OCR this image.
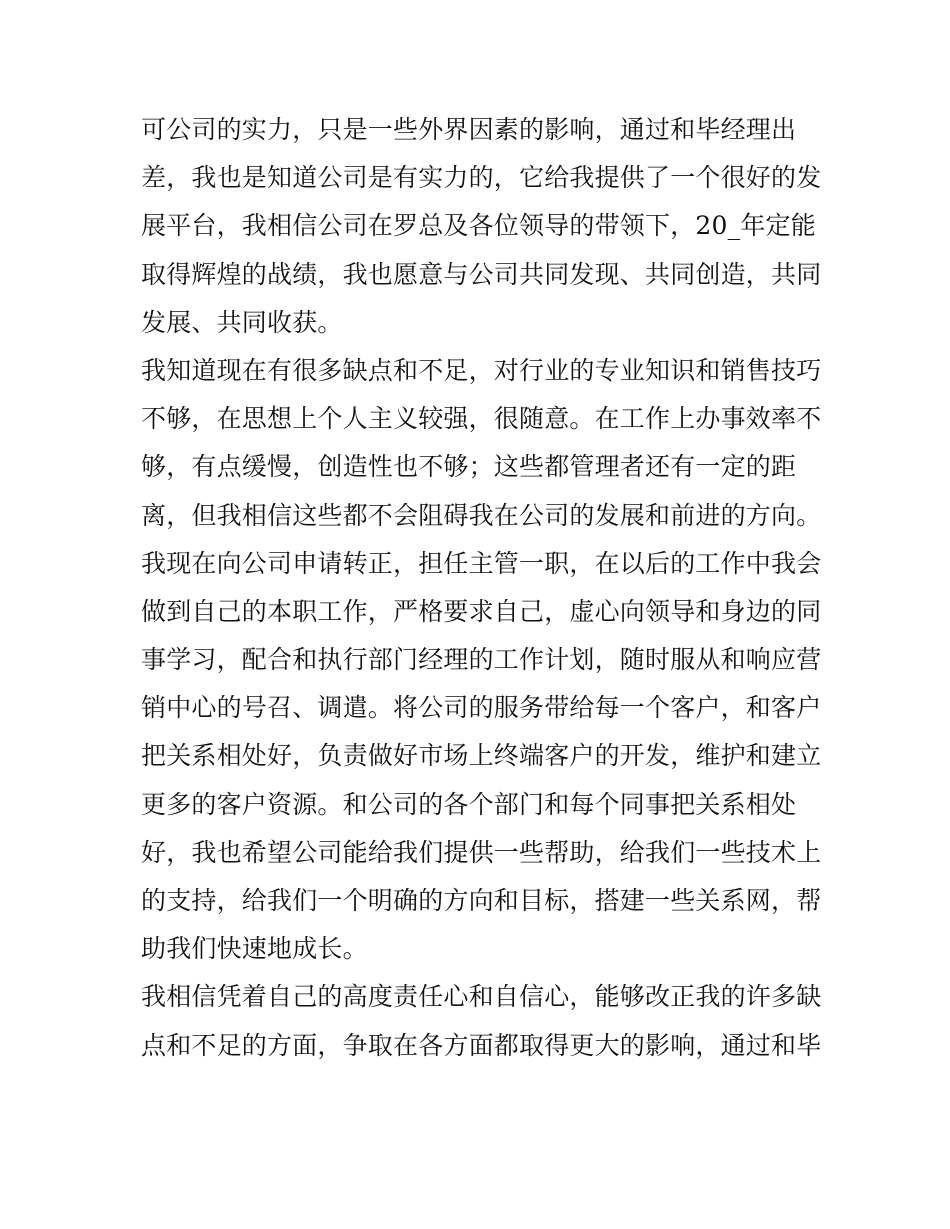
可公司的实力，只是一些外界因素的影响，通过和毕经理出
差，我也是知道公司是有实力的，它给我提供了一个很好的发
展平台，我相信公司在罗总及各位领导的带领下，20_年定能
取得辉煌的战绩，我也愿意与公司共同发现、共同创造，共同
发展、共同收获。
我知道现在有很多缺点和不足，对行业的专业知识和销售技巧
不够，在思想上个人主义较强，很随意。在工作上办事效率不
够，有点缓慢，创造性也不够；这些都管理者还有一定的距
离，但我相信这些都不会阻碍我在公司的发展和前进的方向。
我现在向公司申请转正，担任主管一职，在以后的工作中我会
做到自己的本职工作，严格要求自己，虚心向领导和身边的同
事学习，配合和执行部门经理的工作计划，随时服从和响应营
销中心的号召、调遣。将公司的服务带给每一个客户，和客户
把关系相处好，负责做好市场上终端客户的开发，维护和建立
更多的客户资源。和公司的各个部门和每个同事把关系相处
好，我也希望公司能给我们提供一些帮助，给我们一些技术上
的支持，给我们一个明确的方向和目标，搭建一些关系网，帮
助我们快速地成长。
我相信凭着自己的高度责任心和自信心，能够改正我的许多缺
点和不足的方面，争取在各方面都取得更大的影响，通过和毕
